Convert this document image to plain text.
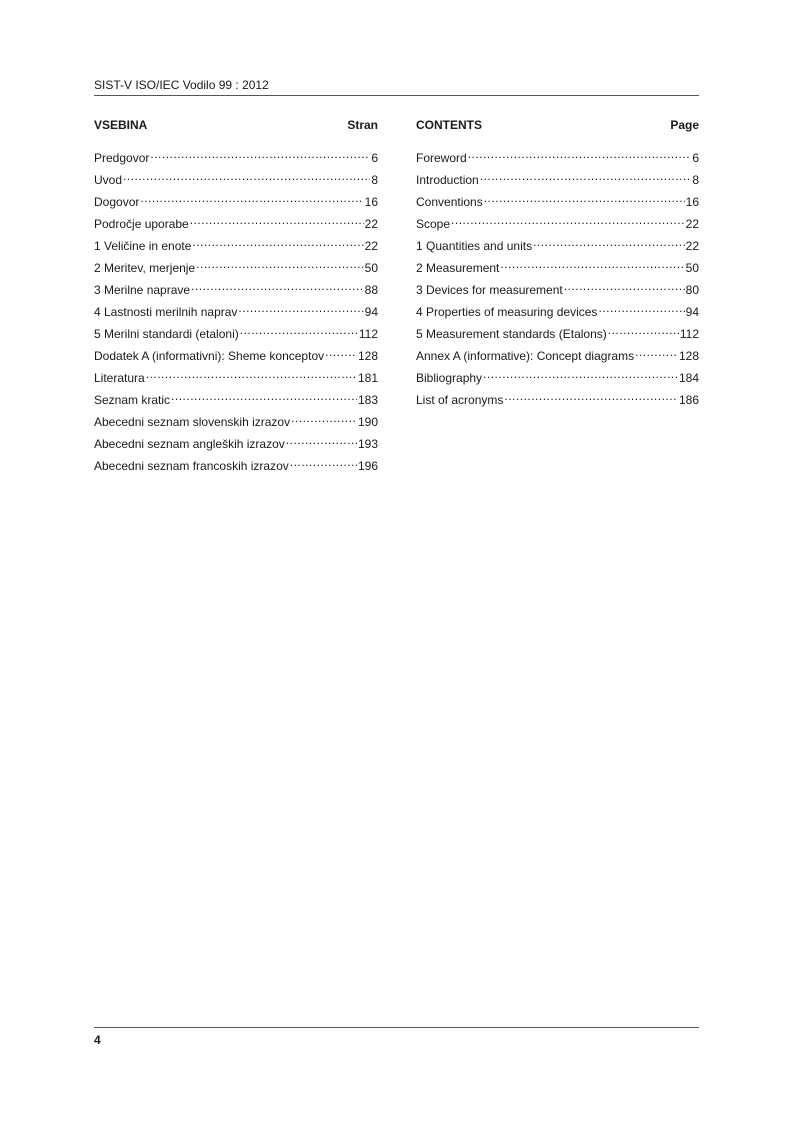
SIST-V ISO/IEC Vodilo 99 : 2012
VSEBINA	Stran
Predgovor .....	6
Uvod .....	8
Dogovor .....	16
Področje uporabe .....	22
1 Veličine in enote .....	22
2 Meritev, merjenje .....	50
3 Merilne naprave .....	88
4 Lastnosti merilnih naprav .....	94
5 Merilni standardi (etaloni) .....	112
Dodatek A (informativni): Sheme konceptov .....	128
Literatura .....	181
Seznam kratic .....	183
Abecedni seznam slovenskih izrazov .....	190
Abecedni seznam angleških izrazov .....	193
Abecedni seznam francoskih izrazov .....	196
CONTENTS	Page
Foreword .....	6
Introduction .....	8
Conventions .....	16
Scope .....	22
1 Quantities and units .....	22
2 Measurement .....	50
3 Devices for measurement .....	80
4 Properties of measuring devices .....	94
5 Measurement standards (Etalons) .....	112
Annex A (informative): Concept diagrams .....	128
Bibliography .....	184
List of acronyms .....	186
4
